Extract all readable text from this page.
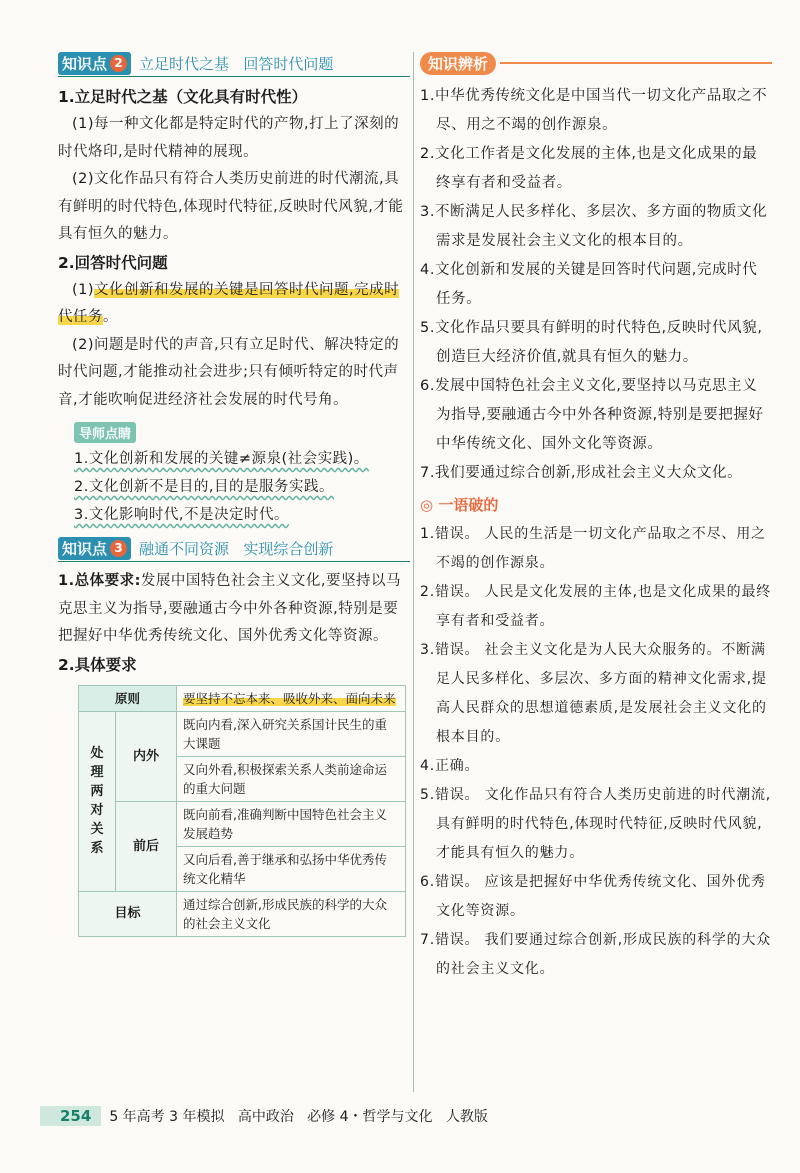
知识点 2 立足时代之基   回答时代问题
1.立足时代之基（文化具有时代性）
(1)每一种文化都是特定时代的产物,打上了深刻的时代烙印,是时代精神的展现。
(2)文化作品只有符合人类历史前进的时代潮流,具有鲜明的时代特色,体现时代特征,反映时代风貌,才能具有恒久的魅力。
2.回答时代问题
(1)文化创新和发展的关键是回答时代问题,完成时代任务。
(2)问题是时代的声音,只有立足时代、解决特定的时代问题,才能推动社会进步;只有倾听特定的时代声音,才能吹响促进经济社会发展的时代号角。
导师点睛
1.文化创新和发展的关键≠源泉(社会实践)。
2.文化创新不是目的,目的是服务实践。
3.文化影响时代,不是决定时代。
知识点 3 融通不同资源   实现综合创新
1.总体要求:发展中国特色社会主义文化,要坚持以马克思主义为指导,要融通古今中外各种资源,特别是要把握好中华优秀传统文化、国外优秀文化等资源。
2.具体要求
原则		要坚持不忘本来、吸收外来、面向未来
处理两对关系	内外	既向内看,深入研究关系国计民生的重大课题
		又向外看,积极探索关系人类前途命运的重大问题
	前后	既向前看,准确判断中国特色社会主义发展趋势
		又向后看,善于继承和弘扬中华优秀传统文化精华
目标		通过综合创新,形成民族的科学的大众的社会主义文化
知识辨析
1.中华优秀传统文化是中国当代一切文化产品取之不尽、用之不竭的创作源泉。
2.文化工作者是文化发展的主体,也是文化成果的最终享有者和受益者。
3.不断满足人民多样化、多层次、多方面的物质文化需求是发展社会主义文化的根本目的。
4.文化创新和发展的关键是回答时代问题,完成时代任务。
5.文化作品只要具有鲜明的时代特色,反映时代风貌,创造巨大经济价值,就具有恒久的魅力。
6.发展中国特色社会主义文化,要坚持以马克思主义为指导,要融通古今中外各种资源,特别是要把握好中华传统文化、国外文化等资源。
7.我们要通过综合创新,形成社会主义大众文化。
◎ 一语破的
1.错误。 人民的生活是一切文化产品取之不尽、用之不竭的创作源泉。
2.错误。 人民是文化发展的主体,也是文化成果的最终享有者和受益者。
3.错误。 社会主义文化是为人民大众服务的。不断满足人民多样化、多层次、多方面的精神文化需求,提高人民群众的思想道德素质,是发展社会主义文化的根本目的。
4.正确。
5.错误。 文化作品只有符合人类历史前进的时代潮流,具有鲜明的时代特色,体现时代特征,反映时代风貌,才能具有恒久的魅力。
6.错误。 应该是把握好中华优秀传统文化、国外优秀文化等资源。
7.错误。 我们要通过综合创新,形成民族的科学的大众的社会主义文化。
254	5 年高考 3 年模拟   高中政治   必修 4・哲学与文化   人教版
